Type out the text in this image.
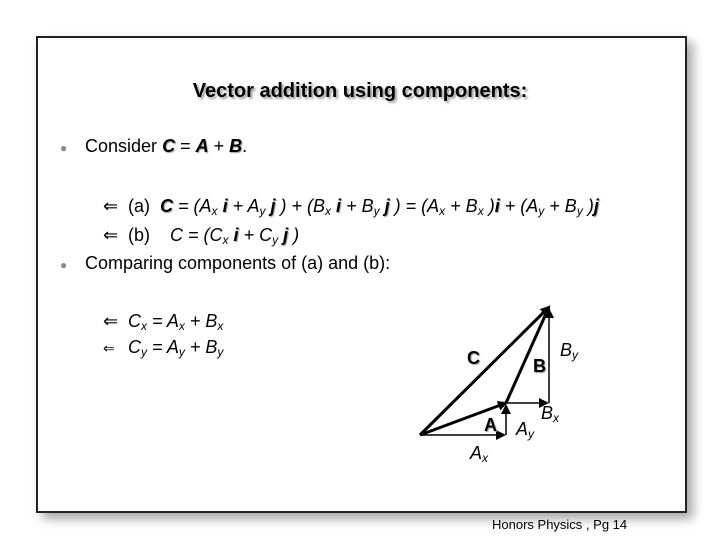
Vector addition using components:
● Consider C = A + B.
⇐ (a) $C = (A_x$ $i + A_y$ j ) + ($B_x$ $i + B_y$ j ) = ($A_x + B_x$ )$i + (A_y + B_y$ )j
⇐ (b) $C = (C_x$ $i + C_y$ j )
● Comparing components of (a) and (b):
⇐ $C_x = A_x + B_x$
⇐ $C_y = A_y + B_y$	C	B
A
$B_y$
$B_x$
$A_y$
$A_x$
Honors Physics , Pg 14
